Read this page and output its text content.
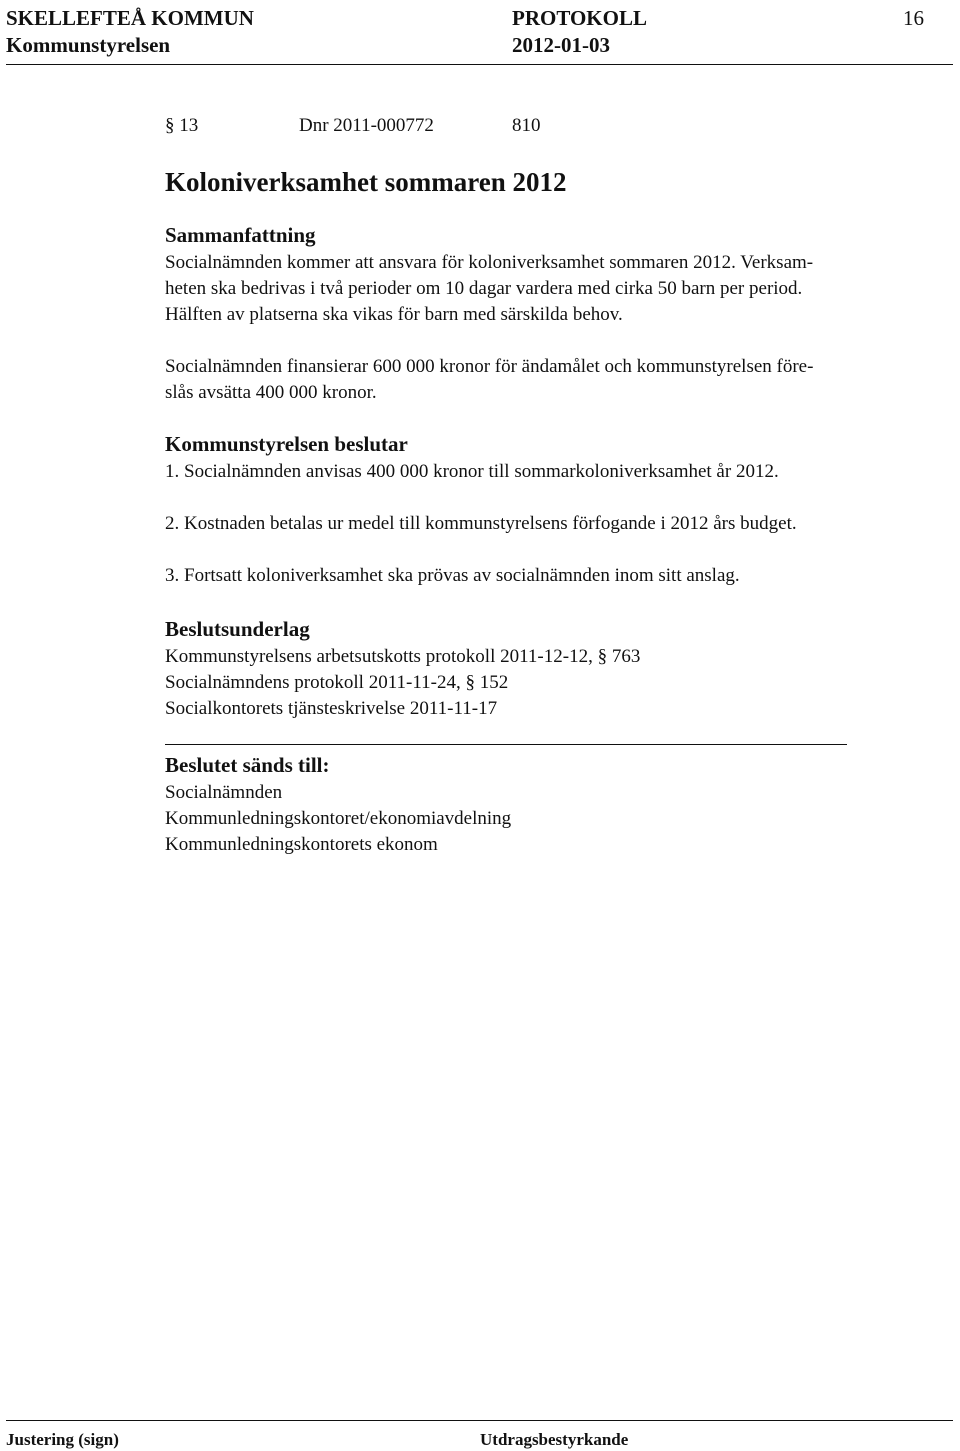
SKELLEFTEÅ KOMMUN	PROTOKOLL	16
Kommunstyrelsen	2012-01-03
§ 13	Dnr 2011-000772	810
Koloniverksamhet sommaren 2012
Sammanfattning
Socialnämnden kommer att ansvara för koloniverksamhet sommaren 2012. Verksam-
heten ska bedrivas i två perioder om 10 dagar vardera med cirka 50 barn per period.
Hälften av platserna ska vikas för barn med särskilda behov.
Socialnämnden finansierar 600 000 kronor för ändamålet och kommunstyrelsen före-
slås avsätta 400 000 kronor.
Kommunstyrelsen beslutar
1. Socialnämnden anvisas 400 000 kronor till sommarkoloniverksamhet år 2012.
2. Kostnaden betalas ur medel till kommunstyrelsens förfogande i 2012 års budget.
3. Fortsatt koloniverksamhet ska prövas av socialnämnden inom sitt anslag.
Beslutsunderlag
Kommunstyrelsens arbetsutskotts protokoll 2011-12-12, § 763
Socialnämndens protokoll 2011-11-24, § 152
Socialkontorets tjänsteskrivelse 2011-11-17
Beslutet sänds till:
Socialnämnden
Kommunledningskontoret/ekonomiavdelning
Kommunledningskontorets ekonom
Justering (sign)	Utdragsbestyrkande
